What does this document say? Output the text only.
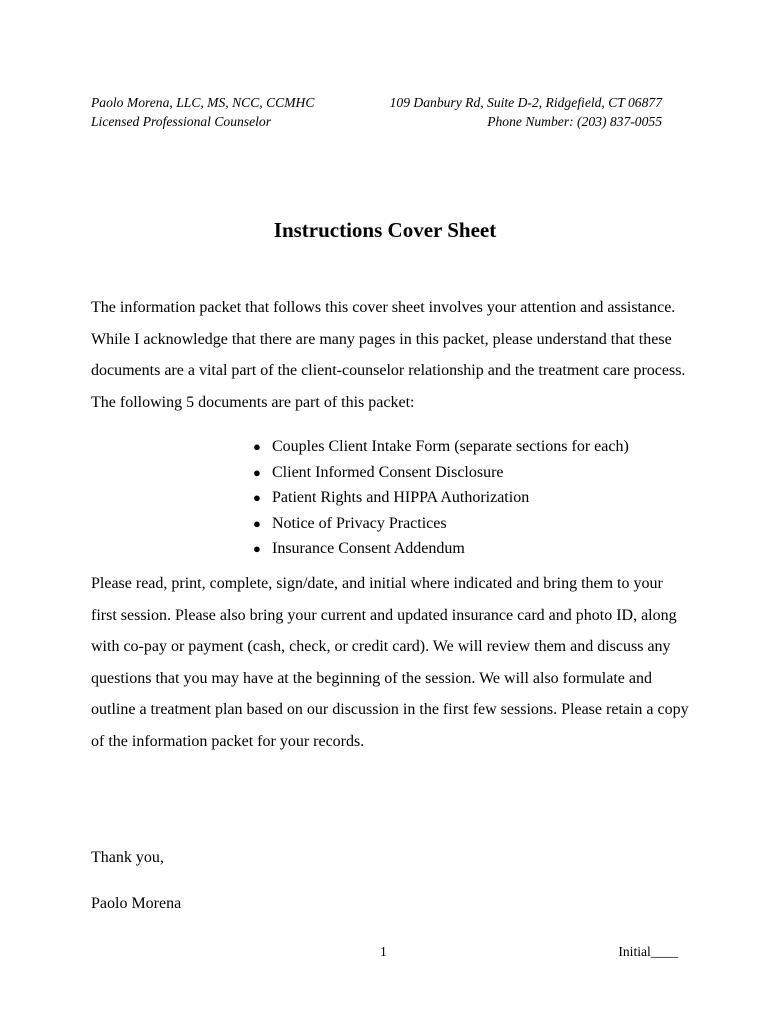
Paolo Morena, LLC, MS, NCC, CCMHC
Licensed Professional Counselor
109 Danbury Rd, Suite D-2, Ridgefield, CT 06877
Phone Number: (203) 837-0055
Instructions Cover Sheet

The information packet that follows this cover sheet involves your attention and assistance. While I acknowledge that there are many pages in this packet, please understand that these documents are a vital part of the client-counselor relationship and the treatment care process. The following 5 documents are part of this packet:

● Couples Client Intake Form (separate sections for each)
● Client Informed Consent Disclosure
● Patient Rights and HIPPA Authorization
● Notice of Privacy Practices
● Insurance Consent Addendum

Please read, print, complete, sign/date, and initial where indicated and bring them to your first session. Please also bring your current and updated insurance card and photo ID, along with co-pay or payment (cash, check, or credit card). We will review them and discuss any questions that you may have at the beginning of the session. We will also formulate and outline a treatment plan based on our discussion in the first few sessions. Please retain a copy of the information packet for your records.

Thank you,

Paolo Morena

1	Initial____
